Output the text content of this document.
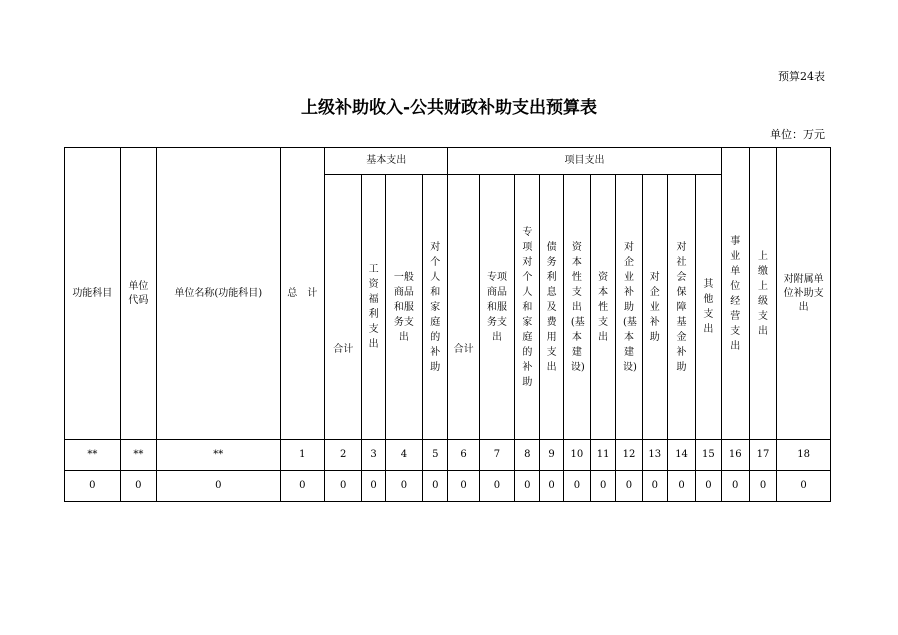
预算24表
上级补助收入-公共财政补助支出预算表
单位：万元
功能科目	单位代码	单位名称(功能科目)	总　计	基本支出				项目支出										事业单位经营支出	上缴上级支出	对附属单位补助支出
				合计	工资福利支出	一般商品和服务支出	对个人和家庭的补助	合计	专项商品和服务支出	专项对个人和家庭的补助	债务利息及费用支出	资本性支出(基本建设)	资本性支出	对企业补助(基本建设)	对企业补助	对社会保障基金补助	其他支出			
**	**	**	1	2	3	4	5	6	7	8	9	10	11	12	13	14	15	16	17	18
0	0	0	0	0	0	0	0	0	0	0	0	0	0	0	0	0	0	0	0	0
